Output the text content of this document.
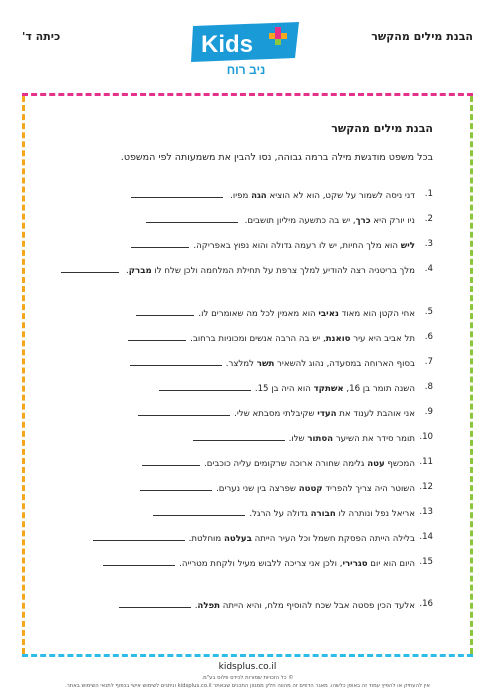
הבנת מילים מהקשר
כיתה ד'	Kids
ניב רוח
הבנת מילים מהקשר
בכל משפט מודגשת מילה ברמה גבוהה, נסו להבין את משמעותה לפי המשפט.
1.
דני ניסה לשמור על שקט, הוא לא הוציא הגה מפיו.
2.
ניו יורק היא כרך, יש בה כתשעה מיליון תושבים.
3.
ליש הוא מלך החיות, יש לו רעמה גדולה והוא נפוץ באפריקה.
4.
מלך בריטניה רצה להודיע למלך צרפת על תחילת המלחמה ולכן שלח לו מברק.
5.
אחי הקטן הוא מאוד נאיבי הוא מאמין לכל מה שאומרים לו.
6.
תל אביב היא עיר סואנת, יש בה הרבה אנשים ומכוניות ברחוב.
7.
בסוף הארוחה במסעדה, נהוג להשאיר תשר למלצר.
8.
השנה תומר בן 16, אשתקד הוא היה בן 15.
9.
אני אוהבת לענוד את העדי שקיבלתי מסבתא שלי.
10.
תומר סידר את השיער הסתור שלו.
11.
המכשף עטה גלימה שחורה ארוכה שרקומים עליה כוכבים.
12.
השוטר היה צריך להפריד קטטה שפרצה בין שני נערים.
13.
אריאל נפל ונותרה לו חבורה גדולה על הרגל.
14.
בלילה הייתה הפסקת חשמל וכל העיר הייתה בעלטה מוחלטת.
15.
היום הוא יום סגרירי, ולכן אני צריכה ללבוש מעיל ולקחת מטרייה.
16.
אלעד הכין פסטה אבל שכח להוסיף מלח, והיא הייתה תפלה.
kidsplus.co.il
© כל הזכויות שמורות לכידס פלוס בע"מ.
אין להעתיק או להפיץ עמוד זה באופן כלשהו. מאגר הדפים זה מהווה חלק ממגוון התכנים שבאתר kidsplus.co.il וניתנים לשימוש אישי בכפוף לתנאי השימוש באתר.
